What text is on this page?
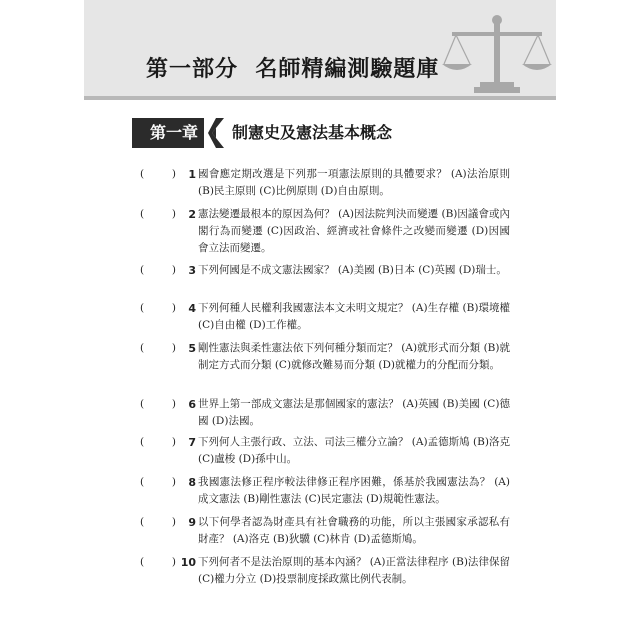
第一部分  名師精編測驗題庫
第一章	制憲史及憲法基本概念
(	)	1 國會應定期改選是下列那一項憲法原則的具體要求？ (A)法治原則 (B)民主原則 (C)比例原則 (D)自由原則。
(	)	2 憲法變遷最根本的原因為何？ (A)因法院判決而變遷 (B)因議會或內閣行為而變遷 (C)因政治、經濟或社會條件之改變而變遷 (D)因國會立法而變遷。
(	)	3 下列何國是不成文憲法國家？ (A)美國 (B)日本 (C)英國 (D)瑞士。
(	)	4 下列何種人民權利我國憲法本文未明文規定？ (A)生存權 (B)環境權 (C)自由權 (D)工作權。
(	)	5 剛性憲法與柔性憲法依下列何種分類而定？ (A)就形式而分類 (B)就制定方式而分類 (C)就修改難易而分類 (D)就權力的分配而分類。
(	)	6 世界上第一部成文憲法是那個國家的憲法？ (A)英國 (B)美國 (C)德國 (D)法國。
(	)	7 下列何人主張行政、立法、司法三權分立論？ (A)孟德斯鳩 (B)洛克 (C)盧梭 (D)孫中山。
(	)	8 我國憲法修正程序較法律修正程序困難，係基於我國憲法為？ (A)成文憲法 (B)剛性憲法 (C)民定憲法 (D)規範性憲法。
(	)	9 以下何學者認為財產具有社會職務的功能，所以主張國家承認私有財產？ (A)洛克 (B)狄驥 (C)林肯 (D)孟德斯鳩。
(	) 10 下列何者不是法治原則的基本內涵？ (A)正當法律程序 (B)法律保留 (C)權力分立 (D)投票制度採政黨比例代表制。
